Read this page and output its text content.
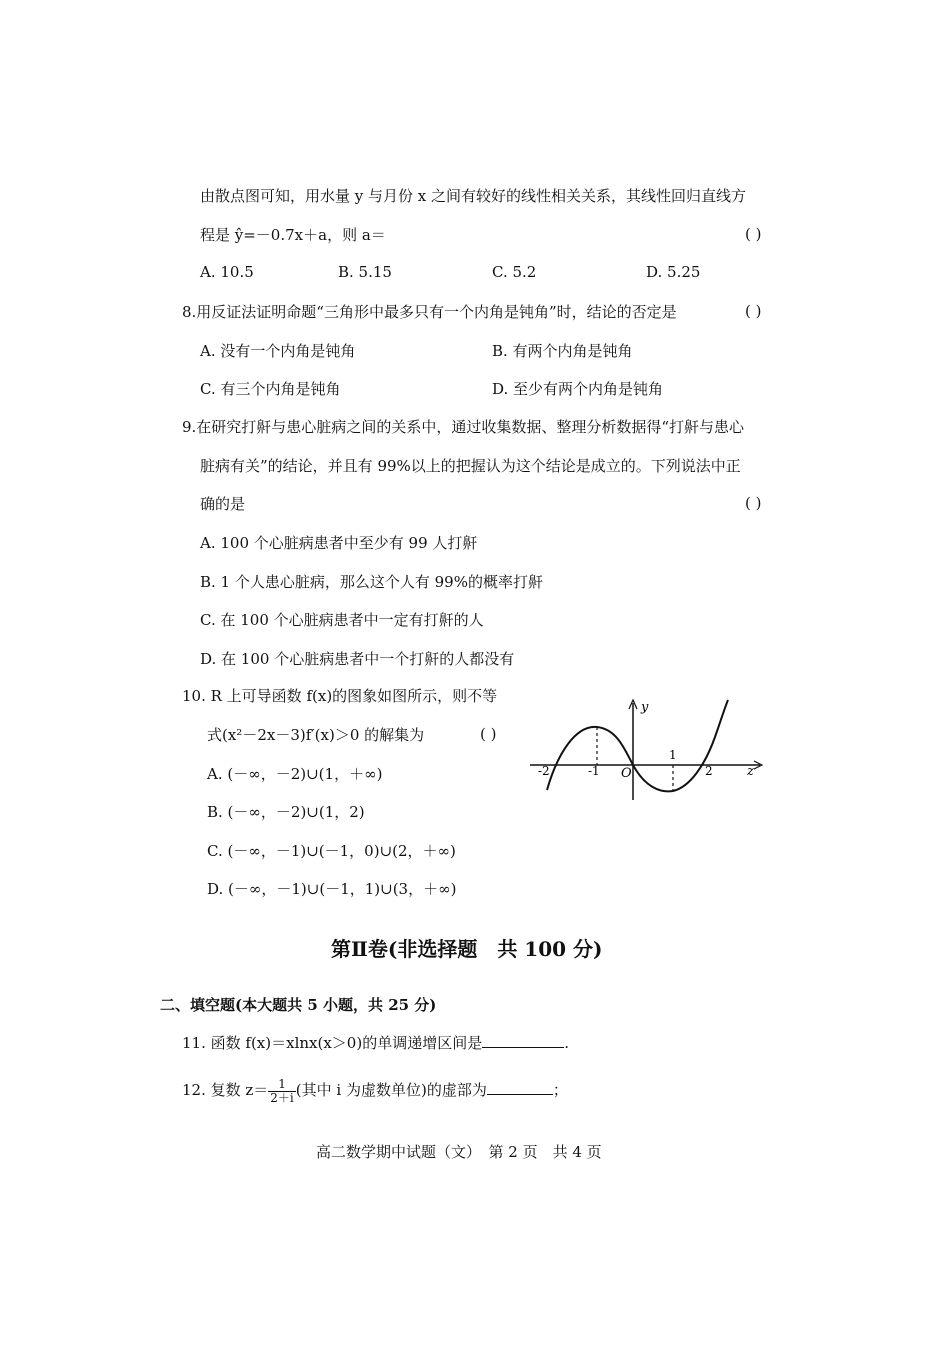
由散点图可知，用水量 y 与月份 x 之间有较好的线性相关关系，其线性回归直线方
程是 ŷ=－0.7x＋a，则 a＝	( )
A. 10.5	B. 5.15	C. 5.2	D. 5.25
8.用反证法证明命题“三角形中最多只有一个内角是钝角”时，结论的否定是	( )
A. 没有一个内角是钝角	B. 有两个内角是钝角
C. 有三个内角是钝角	D. 至少有两个内角是钝角
9.在研究打鼾与患心脏病之间的关系中，通过收集数据、整理分析数据得“打鼾与患心
脏病有关”的结论，并且有 99%以上的把握认为这个结论是成立的。下列说法中正
确的是	( )
A. 100 个心脏病患者中至少有 99 人打鼾
B. 1 个人患心脏病，那么这个人有 99%的概率打鼾
C. 在 100 个心脏病患者中一定有打鼾的人
D. 在 100 个心脏病患者中一个打鼾的人都没有
10. R 上可导函数 f(x)的图象如图所示，则不等
式(x²－2x－3)f′(x)＞0 的解集为	( )
A. (－∞，－2)∪(1，＋∞)
B. (－∞，－2)∪(1，2)
C. (－∞，－1)∪(－1，0)∪(2，＋∞)
D. (－∞，－1)∪(－1，1)∪(3，＋∞)
y
z
O
-2	-1
1
2
第Ⅱ卷(非选择题　共 100 分)
二、填空题(本大题共 5 小题，共 25 分)
11. 函数 f(x)＝xlnx(x＞0)的单调递增区间是	.
12. 复数 $z= \frac{1}{2+i}$ (其中 i 为虚数单位)的虚部为	；
高二数学期中试题（文）　第 2 页　共 4 页
